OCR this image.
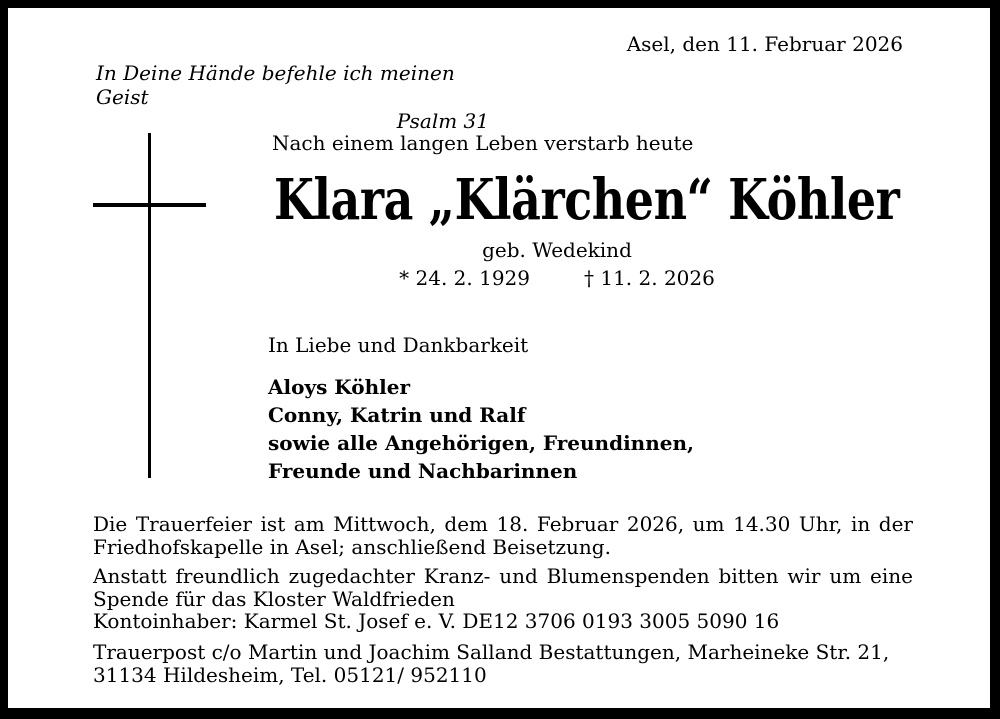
Asel, den 11. Februar 2026
In Deine Hände befehle ich meinen Geist
Psalm 31
Nach einem langen Leben verstarb heute
Klara „Klärchen“ Köhler
geb. Wedekind
* 24. 2. 1929	† 11. 2. 2026
In Liebe und Dankbarkeit
Aloys Köhler
Conny, Katrin und Ralf
sowie alle Angehörigen, Freundinnen,
Freunde und Nachbarinnen
Die Trauerfeier ist am Mittwoch, dem 18. Februar 2026, um 14.30 Uhr, in der
Friedhofskapelle in Asel; anschließend Beisetzung.
Anstatt freundlich zugedachter Kranz- und Blumenspenden bitten wir um eine
Spende für das Kloster Waldfrieden
Kontoinhaber: Karmel St. Josef e. V. DE12 3706 0193 3005 5090 16
Trauerpost c/o Martin und Joachim Salland Bestattungen, Marheineke Str. 21,
31134 Hildesheim, Tel. 05121/ 952110
